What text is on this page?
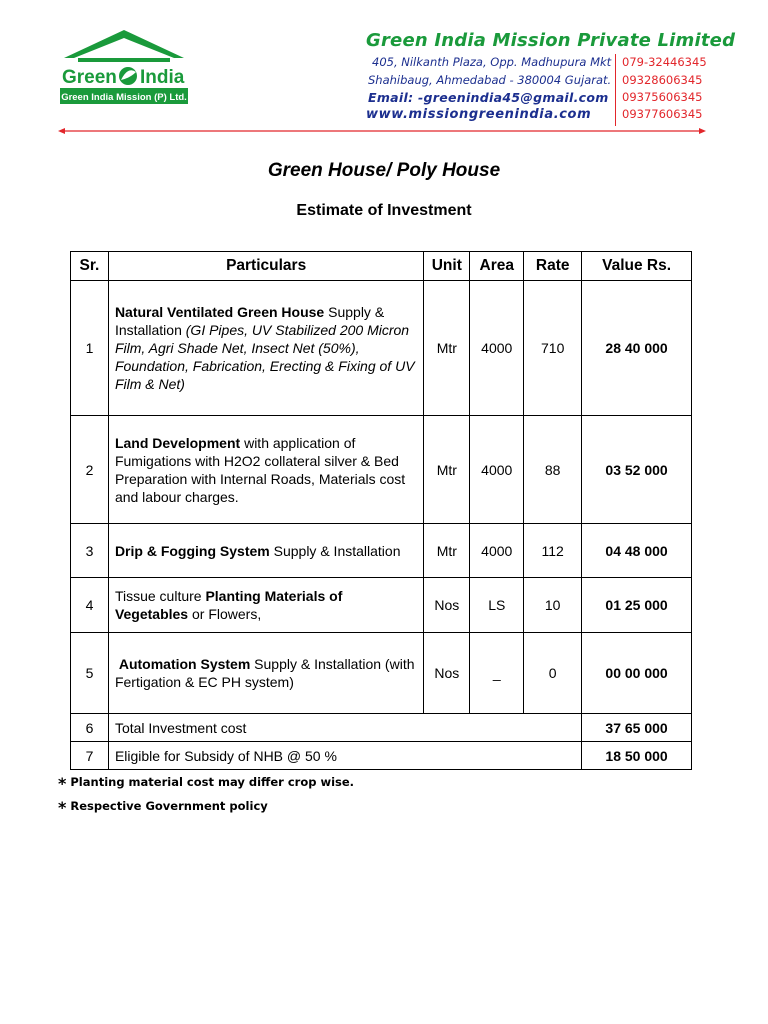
Green India
Green India Mission (P) Ltd.
Green India Mission Private Limited
405, Nilkanth Plaza, Opp. Madhupura Mkt
Shahibaug, Ahmedabad - 380004 Gujarat.
Email: -greenindia45@gmail.com
www.missiongreenindia.com
079-32446345
09328606345
09375606345
09377606345
Green House/ Poly House
Estimate of Investment
Sr.	Particulars	Unit	Area	Rate	Value Rs.
1	Natural Ventilated Green House Supply & Installation (GI Pipes, UV Stabilized 200 Micron Film, Agri Shade Net, Insect Net (50%), Foundation, Fabrication, Erecting & Fixing of UV Film & Net)	Mtr	4000	710	28 40 000
2	Land Development with application of Fumigations with H2O2 collateral silver & Bed Preparation with Internal Roads, Materials cost and labour charges.	Mtr	4000	88	03 52 000
3	Drip & Fogging System Supply & Installation	Mtr	4000	112	04 48 000
4	Tissue culture Planting Materials of Vegetables or Flowers,	Nos	LS	10	01 25 000
5	Automation System Supply & Installation (with Fertigation & EC PH system)	Nos	_	0	00 00 000
6	Total Investment cost				37 65 000
7	Eligible for Subsidy of NHB @ 50 %				18 50 000
* Planting material cost may differ crop wise.
* Respective Government policy
